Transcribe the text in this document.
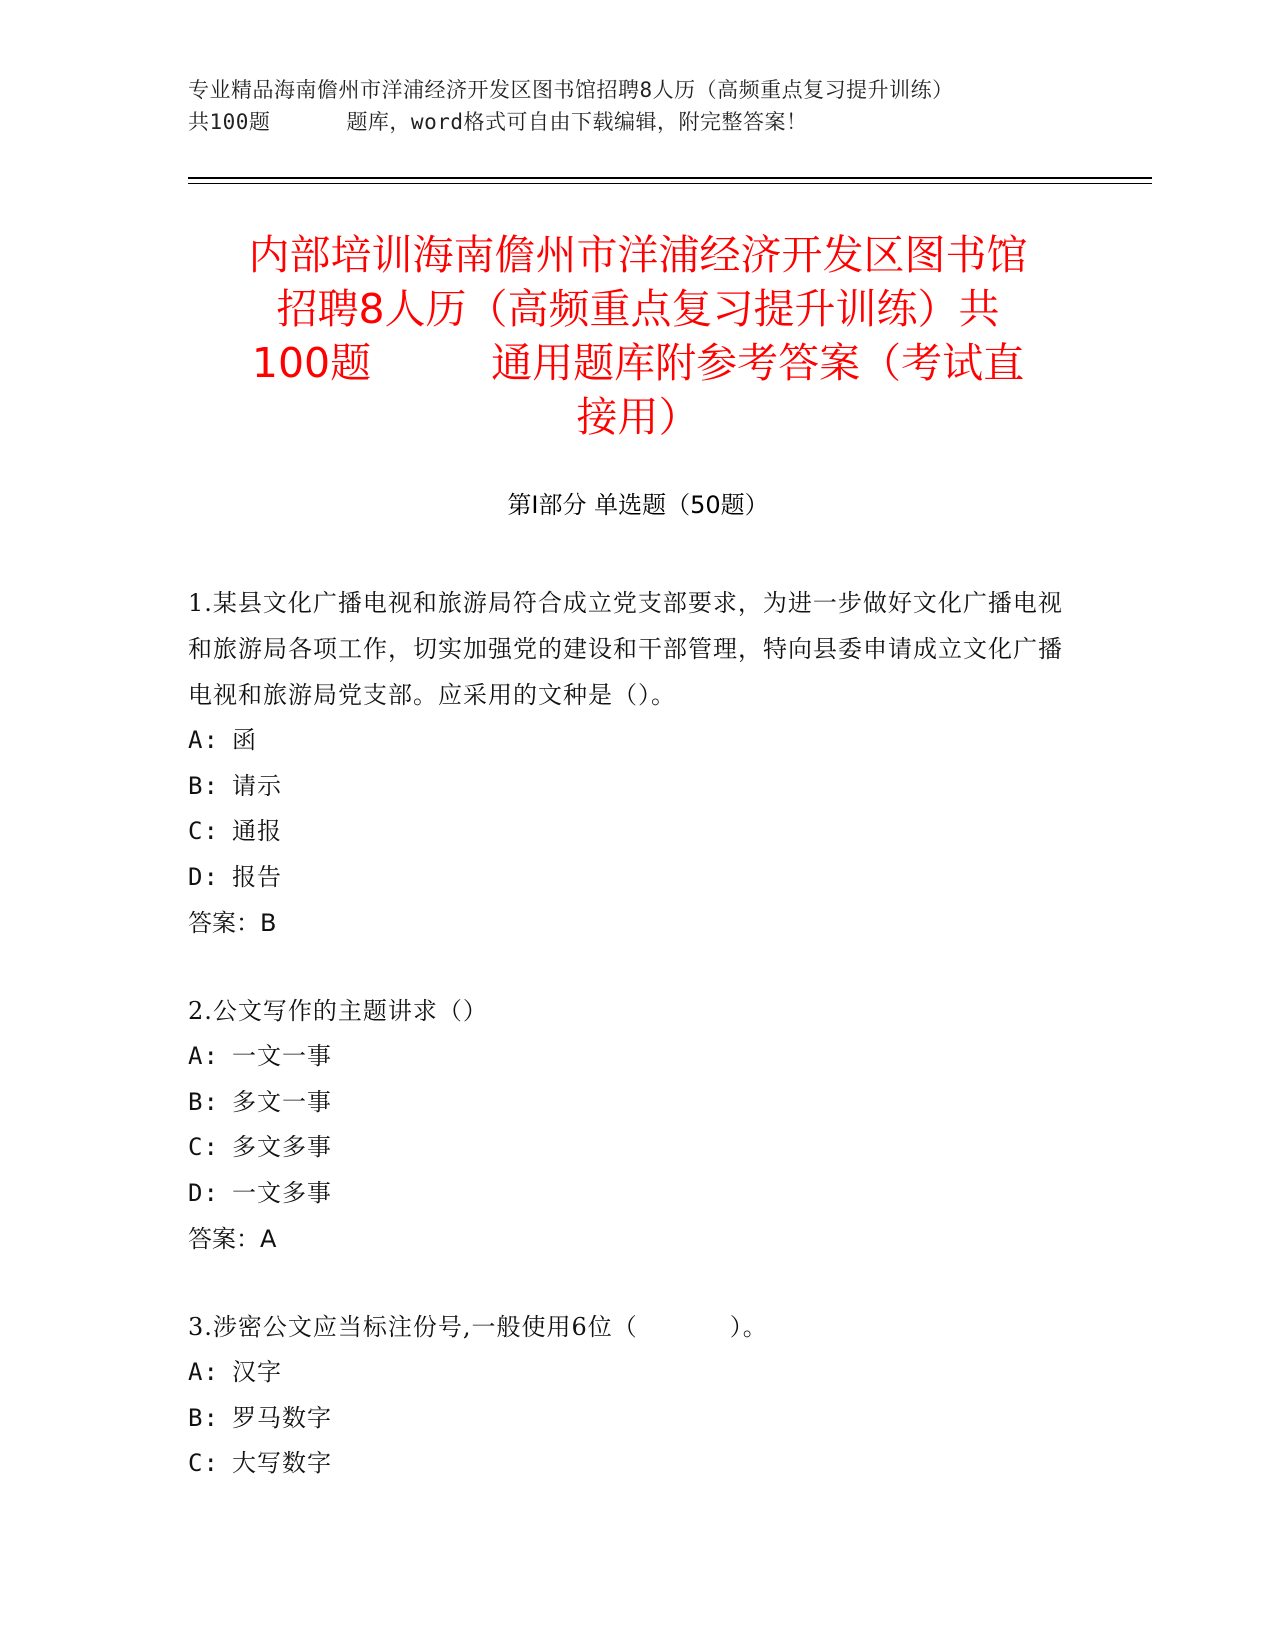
专业精品海南儋州市洋浦经济开发区图书馆招聘8人历（高频重点复习提升训练）
共100题	题库，word格式可自由下载编辑，附完整答案！
内部培训海南儋州市洋浦经济开发区图书馆
招聘8人历（高频重点复习提升训练）共
100题	通用题库附参考答案（考试直
接用）
第Ⅰ部分 单选题（50题）
1.某县文化广播电视和旅游局符合成立党支部要求，为进一步做好文化广播电视和旅游局各项工作，切实加强党的建设和干部管理，特向县委申请成立文化广播电视和旅游局党支部。应采用的文种是（）。
A: 函
B: 请示
C: 通报
D: 报告
答案：B
2.公文写作的主题讲求（）
A: 一文一事
B: 多文一事
C: 多文多事
D: 一文多事
答案：A
3.涉密公文应当标注份号,一般使用6位（	）。
A: 汉字
B: 罗马数字
C: 大写数字
